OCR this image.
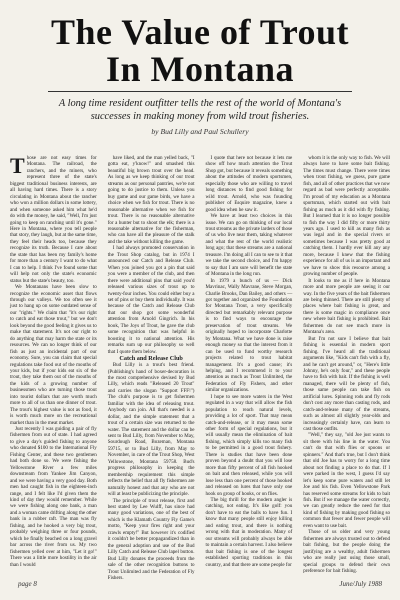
The Value of Trout
In Montana
A long time resident outfitter tells the rest of the world of Montana's successes in making money from wild trout fisheries.
by Bud Lilly and Paul Schullery

Those are not easy times for Montana. The railroad, the ranchers, and the miners, who represent three of the state's biggest traditional business interests, are all having hard times. There is a story circulating in Montana about the rancher who won a million dollars in some lottery, and when someone asked him what he'd do with the money, he said, "Well, I'm just going to keep on ranching until it's gone." Here in Montana, where you tell people that story, they laugh, but at the same time, they feel their heads too, because they recognize its truth. Because I care about the state that has been my family's home for more than a century I want to do what I can to help. I think I've found some that will help not only the state's economic status but the state's beauty, too.

We Montanans have been slow to recognize the economic asset that flows through our valleys. We too often see it just to hang up on some outdated sense of our "rights." We claim that "it's our right to catch and eat those trout," but we don't look beyond the good feeling it gives us to make that statement. It's not our right to do anything that may harm the state or its resources. We can no longer think of our fish as just an incidental part of our economy. Sure, you can claim that special regulations take food out of the mouths of your kids, but if your kids eat six of the trout, they take them out of the mouths of the kids of a growing number of businessmen who are turning those trout into tourist dollars that are worth much more to all of us than one dinner of trout. The trout's highest value is not as food, it is worth much more on the recreational market than in the meat market.

Just recently I was guiding a pair of fly fishermen from out of state. I had agreed to give a day's guided fishing to anyone who donated $100 to the International Fly Fishing Center, and these two gentlemen had both done so. We were fishing the Yellowstone River a few miles downstream from Yankee Jim Canyon, and we were having a very good day. Both men had caught fish in the eighteen-inch range, and I felt like I'd given them the kind of day they would remember. While we were fishing along one bank, a man and a woman came drifting along the other bank in a rubber raft. The man was fly fishing, and he hooked a very big trout, probably weighing three or four pounds, which he finally beached on a long gravel bar across the river from us. My two fishermen yelled over at him, "Let it go!" There was a little more hostility in the air than I would

have liked, and the man yelled back, "I gotta eat, y'know!" and smashed this beautiful big brown trout over the head. As long as we keep thinking of our trout streams as our personal pantries, we're not going to do justice to them. Unless you buy game and our game birds, we have a choice when we fish for trout. There is no reasonable alternative when we fish for trout. There is no reasonable alternative for a hunter but to shoot the elk; there is a reasonable alternative for the fisherman, who can have all the pleasure of the stalk and the take without killing the game.

I had always promoted conservation in the Trout Shop catalog, but in 1974 I announced our Catch and Release Club. When you joined you got a pin that said you were a member of the club, and then there were additional pins that said you'd released various sizes of trout up to twenty-four inches. You could either buy a set of pins or buy them individually. It was because of the Catch and Release Club that our shop got some wonderful attention from Arnold Gingrich. In his book, The Joys of Trout, he gave the club some recognition that was helpful in boosting it to national attention. His remarks sum up our philosophy so well that I quote them below.

Catch and Release Club

Bud Lilly is a trout's best friend. (Publishing's hand of boxer-decoration is the most comprehensive devised by Bud Lilly, which reads "Released 20 Trout" and carries the slogan "Support FFF!") The club's purpose is to get fishermen familiar with the idea of releasing trout. Anybody can join. All that's needed is a dollar, and the simple statement that a trout of a certain size was returned to the water. The statement and the dollar can be sent to Bud Lilly, from November to May, Sourdough Road, Bozeman, Montana 59715, or to Bud Lilly, from May to November, in care of the Trout Shop, West Yellowstone, Montana 59758. Bud's progress philosophy in keeping the membership requirement this simple reflects the belief that all fly fishermen are naturally honest and that any who are not will at least be publicizing the principle.

The principle of trout release, first and best stated by Lee Wulff, has since had many good variations, one of the best of which is the Klamath Country Fly Game's motto, "Keep your fires right and your crawls empty!" But however it's codified it couldn't be better propagandized than in the general adoption and use of the Bud Lilly Catch and Release Club lapel button. Bud Lilly donates the proceeds from the sale of the other recognition buttons to Trout Unlimited and the Federation of Fly Fishers.

I quote that here not because it lets me show off how much attention the Trout Shop got, but because it reveals something about the attitudes of modern sportsmen, especially those who are willing to travel long distances to find good fishing for wild trout. Arnold, who was founding publisher of Esquire magazine, knew a good idea when he saw it.

We have at least two choices in this issue. We can go on thinking of our local trout streams as the private larders of those of us who live near them, taking whatever and what the rest of the world realistic long ago; that these streams are a national treasure. I'm doing all I can to see to it that we take the second choice, and I'm happy to say that I am sure will benefit the state of Montana in the long run.

In 1979 a bunch of us — Dick Mavrinac, Wally Mavrane, Steve Morgan, Charlie Brooks, Dan Bailey, and others — got together and organized the Foundation for Montana Trout, a very specifically directed but remarkably relevant purpose is to find ways to encourage the preservation of trout streams. We originally hoped to incorporate Charlotte by Montana. What we have done is raise enough money so that the interest from it can be used to fund worthy research projects related to trout habitat management. It's a good cause; it's helping, and I recommend it to your attention as much as Trout Unlimited, the Federation of Fly Fishers, and other similar organizations.

I hope to see more waters in the West regulated in a way that will allow the fish population to reach natural levels, providing a lot of sport. That may mean catch-and-release, or it may mean some other form of special regulations, but it will usually mean the elimination of bait fishing, which simply kills too many fish to be permitted in a good trout fishery. There is studies that have been done proven beyond a doubt that you will lose more than fifty percent of all fish hooked on bait and then released, while you will lose less than one percent of those hooked and released on lures that have only one hook on group of hooks, or on flies.

The big thrill for the modern angler is catching, not eating. It's like golf: you don't have to eat the balls to have fun. I know that many people still enjoy killing and eating trout, and there is nothing wrong with that in moderation. Many of our streams will probably always be able to maintain a certain harvest. I also believe that bait fishing is one of the longest established sporting traditions in this country, and that there are some people for

whom it is the only way to fish. We will always have to have some bait fishing. The times must change. There were times when trout fishing, we guess, pure game fish, and all of other practices that we now regard as bad were perfectly acceptable. I'm proud of my education as a Montana sportsman, which started out with bait fishing as much as it did with fly fishing. But I learned that it is no longer possible to fish the way I did fifty or more thirty years ago. I used to kill as many fish as was legal and in the special rivers or sometimes because I was pretty good at catching them. I hardly ever kill any any more, because I knew that the fishing experience for all of us is an important and we have to show this resource among a growing number of people.

It looks to me as if here in Montana more and more people are seeing it our way. In the five years of the bait fishermen are being thinned. There are still plenty of places where bait fishing is great, and there is some magic in compliance once new where bait fishing is prohibited. Bait fishermen do not see much more in Montana's area.

But I'm not sure I believe that bait fishing is essential in modern sport fishing. I've heard all the traditional arguments like, "Kids can't fish with a fly, and he can't get around," or, "Here's little Johnny, he's only four," and these people have to fish with bait. If the fishing is well managed, there will be plenty of fish, those same people can take fish on artificial lures. Spinning rods and fly rods don't cost any more than casting rods, and catch-and-release many of the streams, such as almost all slightly year-olds and increasingly certainly have, can learn to cast those outfits.

"Well," they say, "old Joe just wants to sit there with his line in the water. You can't do that with flies or spoons or spinners." And that's true, but I don't think that old Joe has to worry for a long time about not finding a place to do that. If I were parked in the west, I guess I'd say let's keep some pure waters and still let Joe and his fish. Even Yellowstone Park has reserved some streams for kids to bait fish. But if we manage the water correctly, we can greatly reduce the need for that kind of fishing by making good fishing so common that fewer and fewer people will even want to use bait.

Those of us older and very young fishermen are always trusted out to defend bait fishing, but the people doing the justifying are a wealthy, adult fishermen who are really just using those small, special groups to defend their own preference for bait fishing.

page 8	June/July 1988
